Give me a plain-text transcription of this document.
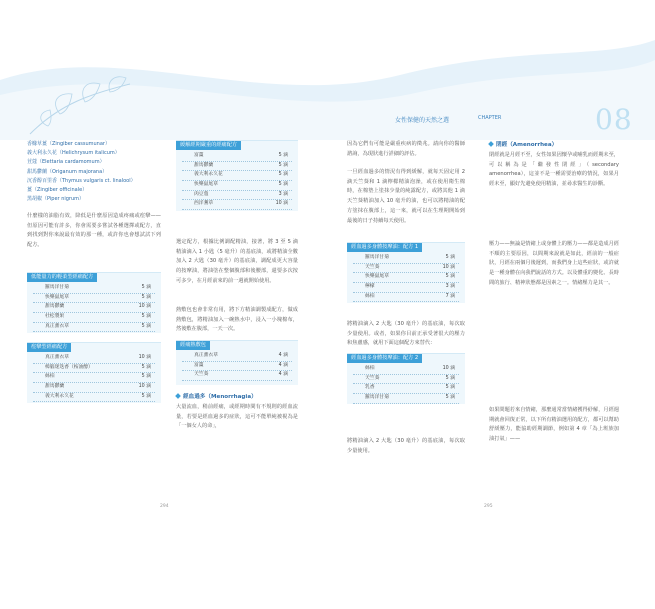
女性保健的天然之選	CHAPTER	08
香櫞草薑（Zingiber cassumunar）
義大利永久花（Helichrysum italicum）
荳蔻（Elettaria cardamomum）
甜馬鬱蘭（Origanum majorana）
沉香醇百里香（Thymus vulgaris ct. linalool）
薑（Zingiber officinale）
黑胡椒（Piper nigrum）
什麼樣的油脂有效，降低是什麼原因造成疼痛或痙攣——但原因可能有許多，你會需要多嘗試各種選擇或配方，直到找到對你來說最有效的那一種，或許你也會想試試下列配方。
低能量力的輕柔型經痛配方
羅馬洋甘菊	5 滴
快樂鼠尾草	5 滴
甜馬鬱蘭	10 滴
杜松漿果	5 滴
真正薰衣草	5 滴
痙攣型經痛配方
真正薰衣草	10 滴
樟腦迷迭香（桉油醇）	5 滴
絲柏	5 滴
甜馬鬱蘭	10 滴
義大利永久花	5 滴
緩解經期嚴重的經痛配方
富薑	5 滴
甜馬鬱蘭	5 滴
義大利永久花	5 滴
快樂鼠尾草	5 滴
肉豆蔻	3 滴
西洋蓍草	10 滴
選定配方，根據比例調配精油，接著，將 3 至 5 滴精油滴入 1 小匙（5 毫升）的基底油，或將精油全數加入 2 大匙（30 毫升）的基底油，調配成更大容量的按摩油，將油塗在整個腹部和後腰部，還要多次按可多少，在月經前來的前一週就開始使用。
熱敷包也會非常有用，將下方精油調製成配方，做成熱敷包，將精油加入一碗熱水中，浸入一小塊棉布，然後敷在腹部，一天一次。
經痛熱敷包
真正薰衣草	4 滴
富薑	4 滴
天竺葵	4 滴
經血過多（Menorrhagia）
大量流血，稍前經痛，或經期時間有不規則的經血流量，若要是經血過多的症狀，這可不能單純被視為是「一個女人的命」，
294
因為它們有可能是嚴重疾病的徵兆。請向你的醫師諮詢，為現狀進行詳細的評估。
一旦經血過多的情況有得到緩解，就每天固定用 2 滴天竺葵和 1 滴檸檬精油泡澡，或在使用衛生棉時，在棉墊上塗抹少量的純露配方，或將其他 1 滴天竺葵精油加入 10 毫升的油，也可以將精油的配方塗抹在腹部上，這一來，就可以在生理期開始到最後的日子持續每天使用。
經血過多身體按摩油：配方 1
羅馬洋甘菊	5 滴
天竺葵	10 滴
快樂鼠尾草	5 滴
檸檬	3 滴
絲柏	7 滴
將精油滴入 2 大匙（30 毫升）的基底油，每次取少量使用。或者，如果你目前正承受著很大的壓力和焦慮感，就用下面這個配方來替代：
經血過多身體按摩油：配方 2
絲柏	10 滴
天竺葵	5 滴
乳香	5 滴
羅馬洋甘菊	5 滴
將精油滴入 2 大匙（30 毫升）的基底油，每次取少量使用。
閉經（Amenorrhea）
閉經就是月經不至，女性如果因懷孕或哺乳而經期未至，可以稱為是「繼發性閉經」（secondary amenorrhea），這並不是一種需要治療的情況，如果月經未至，顯好先避免使用精油，並尋求醫生的診斷。
壓力——無論是情緒上或身體上的壓力——都是造成月經不順的主要原因，以間期來說就是如此，經前的一般症狀，月經在兩個月後遲到，而我們身上這些症狀，或許就是一種身體在向我們說話的方式。以及體重的變化、長時間的旅行、精神狀態都是因素之一。情緒壓力是其一。
如果問題若來自情緒，那麼通常當情緒獲得紓解，月經週期就會回復正常，以下所有精油選用的配方，都可以幫助舒緩壓力，能協助經期調節，例如第 4 章「為上班族加油打氣」——
295
